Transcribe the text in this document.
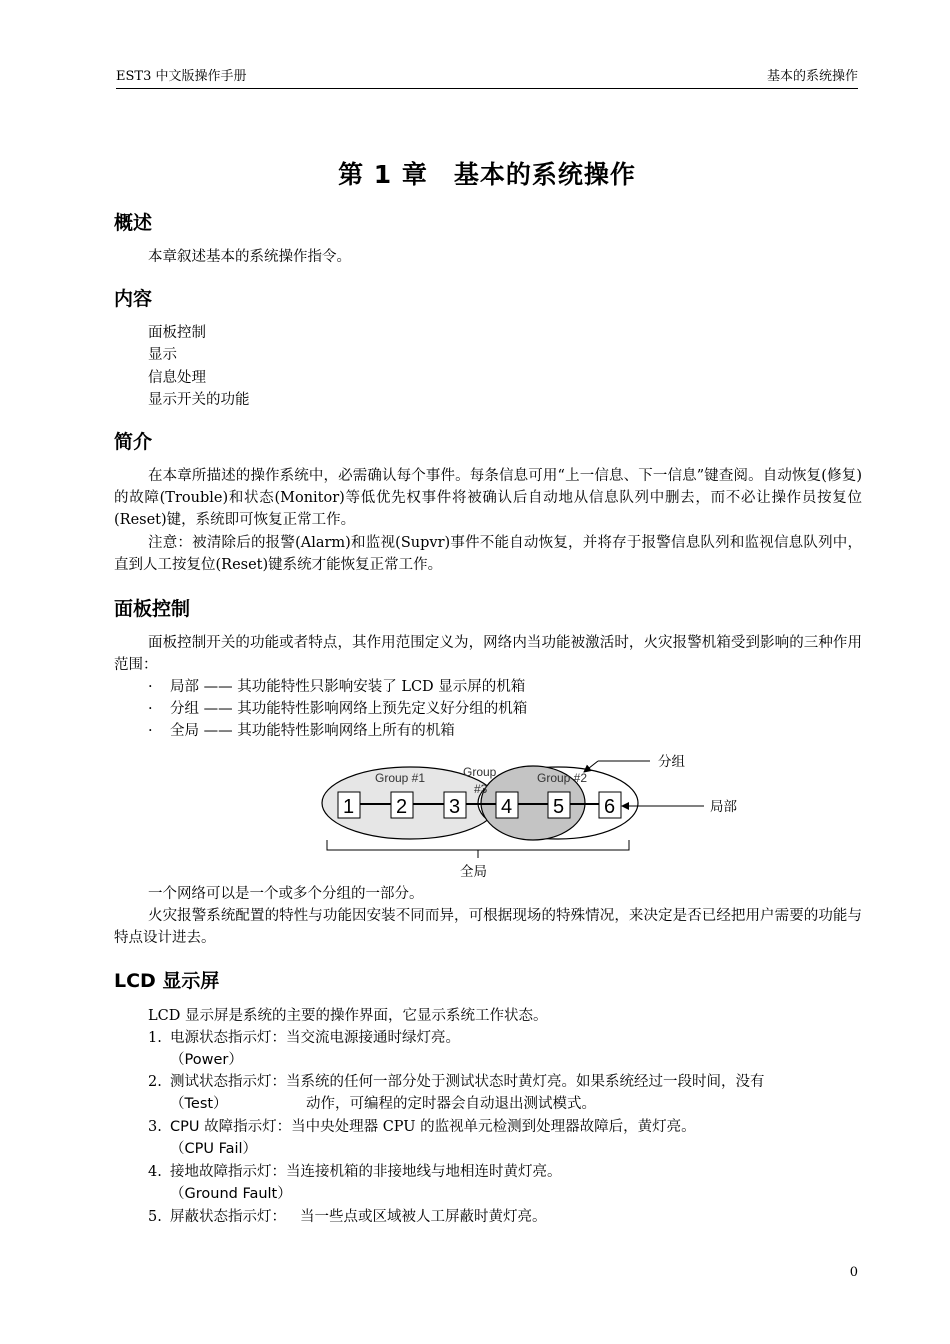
EST3 中文版操作手册	基本的系统操作
第 1 章　基本的系统操作
概述
本章叙述基本的系统操作指令。
内容
面板控制
显示
信息处理
显示开关的功能
简介
在本章所描述的操作系统中，必需确认每个事件。每条信息可用“上一信息、下一信息”键查阅。自动恢复(修复)的故障(Trouble)和状态(Monitor)等低优先权事件将被确认后自动地从信息队列中删去，而不必让操作员按复位(Reset)键，系统即可恢复正常工作。
注意：被清除后的报警(Alarm)和监视(Supvr)事件不能自动恢复，并将存于报警信息队列和监视信息队列中，直到人工按复位(Reset)键系统才能恢复正常工作。
面板控制
面板控制开关的功能或者特点，其作用范围定义为，网络内当功能被激活时，火灾报警机箱受到影响的三种作用范围：
· 局部 —— 其功能特性只影响安装了 LCD 显示屏的机箱
· 分组 —— 其功能特性影响网络上预先定义好分组的机箱
· 全局 —— 其功能特性影响网络上所有的机箱
Group #1	Group
#3
Group #2
1 2 3 4 5 6
分组
局部
全局
一个网络可以是一个或多个分组的一部分。
火灾报警系统配置的特性与功能因安装不同而异，可根据现场的特殊情况，来决定是否已经把用户需要的功能与特点设计进去。
LCD 显示屏
LCD 显示屏是系统的主要的操作界面，它显示系统工作状态。
1. 电源状态指示灯：当交流电源接通时绿灯亮。
（Power）
2. 测试状态指示灯：当系统的任何一部分处于测试状态时黄灯亮。如果系统经过一段时间，没有
（Test）	动作，可编程的定时器会自动退出测试模式。
3. CPU 故障指示灯：当中央处理器 CPU 的监视单元检测到处理器故障后，黄灯亮。
（CPU Fail）
4. 接地故障指示灯：当连接机箱的非接地线与地相连时黄灯亮。
（Ground Fault）
5. 屏蔽状态指示灯： 当一些点或区域被人工屏蔽时黄灯亮。
0
